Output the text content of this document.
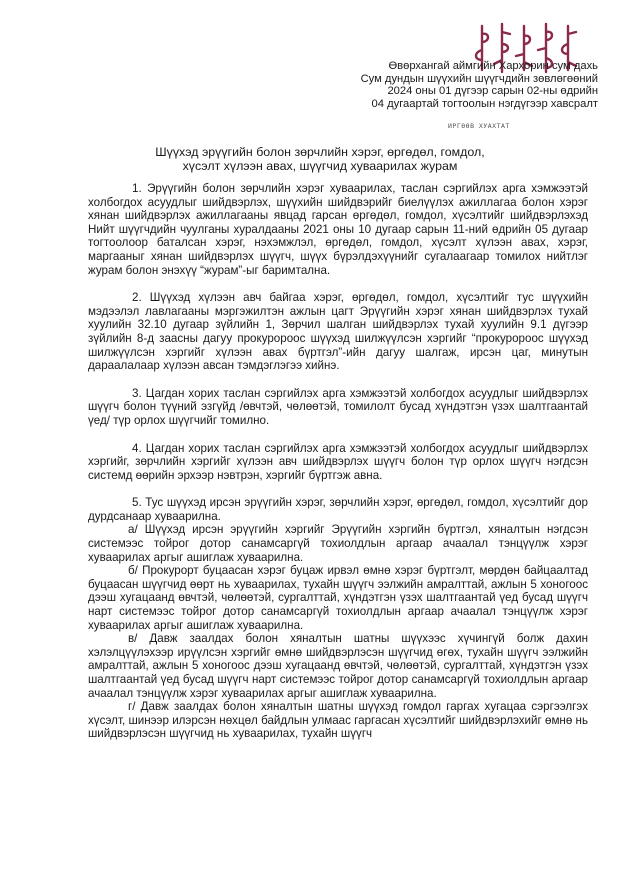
Өвөрхангай аймгийн Хархорин сум дахь
Сум дундын шүүхийн шүүгчдийн зөвлөгөөний
2024 оны 01 дүгээр сарын 02-ны өдрийн
04 дугаартай тогтоолын нэгдүгээр хавсралт
ИРГӨӨВ ХУАХТАТ
Шүүхэд эрүүгийн болон зөрчлийн хэрэг, өргөдөл, гомдол,
хүсэлт хүлээн авах, шүүгчид хуваарилах журам

1. Эрүүгийн болон зөрчлийн хэрэг хуваарилах, таслан сэргийлэх арга хэмжээтэй холбогдох асуудлыг шийдвэрлэх, шүүхийн шийдвэрийг биелүүлэх ажиллагаа болон хэрэг хянан шийдвэрлэх ажиллагааны явцад гарсан өргөдөл, гомдол, хүсэлтийг шийдвэрлэхэд Нийт шүүгчдийн чуулганы хуралдааны 2021 оны 10 дугаар сарын 11-ний өдрийн 05 дугаар тогтоолоор баталсан хэрэг, нэхэмжлэл, өргөдөл, гомдол, хүсэлт хүлээн авах, хэрэг, маргааныг хянан шийдвэрлэх шүүгч, шүүх бүрэлдэхүүнийг сугалаагаар томилох нийтлэг журам болон энэхүү “журам”-ыг баримтална.

2. Шүүхэд хүлээн авч байгаа хэрэг, өргөдөл, гомдол, хүсэлтийг тус шүүхийн мэдээлэл лавлагааны мэргэжилтэн ажлын цагт Эрүүгийн хэрэг хянан шийдвэрлэх тухай хуулийн 32.10 дугаар зүйлийн 1, Зөрчил шалган шийдвэрлэх тухай хуулийн 9.1 дүгээр зүйлийн 8-д заасны дагуу прокуророос шүүхэд шилжүүлсэн хэргийг “прокуророос шүүхэд шилжүүлсэн хэргийг хүлээн авах бүртгэл”-ийн дагуу шалгаж, ирсэн цаг, минутын дараалалаар хүлээн авсан тэмдэглэгээ хийнэ.

3. Цагдан хорих таслан сэргийлэх арга хэмжээтэй холбогдох асуудлыг шийдвэрлэх шүүгч болон түүний эзгүйд /өвчтэй, чөлөөтэй, томилолт бусад хүндэтгэн үзэх шалтгаантай үед/ түр орлох шүүгчийг томилно.

4. Цагдан хорих таслан сэргийлэх арга хэмжээтэй холбогдох асуудлыг шийдвэрлэх хэргийг, зөрчлийн хэргийг хүлээн авч шийдвэрлэх шүүгч болон түр орлох шүүгч нэгдсэн системд өөрийн эрхээр нэвтрэн, хэргийг бүртгэж авна.

5. Тус шүүхэд ирсэн эрүүгийн хэрэг, зөрчлийн хэрэг, өргөдөл, гомдол, хүсэлтийг дор дурдсанаар хуваарилна.

а/ Шүүхэд ирсэн эрүүгийн хэргийг Эрүүгийн хэргийн бүртгэл, хяналтын нэгдсэн системээс тойрог дотор санамсаргүй тохиолдлын аргаар ачаалал тэнцүүлж хэрэг хуваарилах аргыг ашиглаж хуваарилна.

б/ Прокурорт буцаасан хэрэг буцаж ирвэл өмнө хэрэг бүртгэлт, мөрдөн байцаалтад буцаасан шүүгчид өөрт нь хуваарилах, тухайн шүүгч ээлжийн амралттай, ажлын 5 хоногоос дээш хугацаанд өвчтэй, чөлөөтэй, сургалттай, хүндэтгэн үзэх шалтгаантай үед бусад шүүгч нарт системээс тойрог дотор санамсаргүй тохиолдлын аргаар ачаалал тэнцүүлж хэрэг хуваарилах аргыг ашиглаж хуваарилна.

в/ Давж заалдах болон хяналтын шатны шүүхээс хүчингүй болж дахин хэлэлцүүлэхээр ирүүлсэн хэргийг өмнө шийдвэрлэсэн шүүгчид өгөх, тухайн шүүгч ээлжийн амралттай, ажлын 5 хоногоос дээш хугацаанд өвчтэй, чөлөөтэй, сургалттай, хүндэтгэн үзэх шалтгаантай үед бусад шүүгч нарт системээс тойрог дотор санамсаргүй тохиолдлын аргаар ачаалал тэнцүүлж хэрэг хуваарилах аргыг ашиглаж хуваарилна.

г/ Давж заалдах болон хяналтын шатны шүүхэд гомдол гаргах хугацаа сэргээлгэх хүсэлт, шинээр илэрсэн нөхцөл байдлын улмаас гаргасан хүсэлтийг шийдвэрлэхийг өмнө нь шийдвэрлэсэн шүүгчид нь хуваарилах, тухайн шүүгч
